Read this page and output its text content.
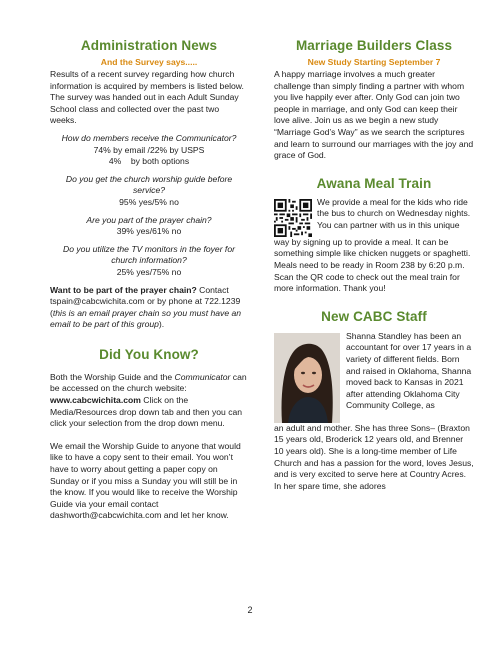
Administration News
And the Survey says.....

Results of a recent survey regarding how church information is acquired by members is listed below. The survey was handed out in each Adult Sunday School class and collected over the past two weeks.

How do members receive the Communicator?
74% by email /22% by USPS
4%    by both options
Do you get the church worship guide before service?
95% yes/5% no
Are you part of the prayer chain?
39% yes/61% no
Do you utilize the TV monitors in the foyer for church information?
25% yes/75% no

Want to be part of the prayer chain? Contact tspain@cabcwichita.com or by phone at 722.1239 (this is an email prayer chain so you must have an email to be part of this group).

Did You Know?

Both the Worship Guide and the Communicator can be accessed on the church website: www.cabcwichita.com Click on the Media/Resources drop down tab and then you can click your selection from the drop down menu.

We email the Worship Guide to anyone that would like to have a copy sent to their email. You won’t have to worry about getting a paper copy on Sunday or if you miss a Sunday you will still be in the know. If you would like to receive the Worship Guide via your email contact dashworth@cabcwichita.com and let her know.

Marriage Builders Class
New Study Starting September 7

A happy marriage involves a much greater challenge than simply finding a partner with whom you live happily ever after. Only God can join two people in marriage, and only God can keep their love alive. Join us as we begin a new study “Marriage God’s Way” as we search the scriptures and learn to surround our marriages with the joy and grace of God.

Awana Meal Train

We provide a meal for the kids who ride the bus to church on Wednesday nights. You can partner with us in this unique

way by signing up to provide a meal. It can be something simple like chicken nuggets or spaghetti. Meals need to be ready in Room 238 by 6:20 p.m. Scan the QR code to check out the meal train for more information. Thank you!

New CABC Staff

Shanna Standley has been an accountant for over 17 years in a variety of different fields. Born and raised in Oklahoma, Shanna moved back to Kansas in 2021 after attending Oklahoma City Community College, as

an adult and mother. She has three Sons– (Braxton 15 years old, Broderick 12 years old, and Brenner 10 years old). She is a long-time member of Life Church and has a passion for the word, loves Jesus, and is very excited to serve here at Country Acres. In her spare time, she adores

2
